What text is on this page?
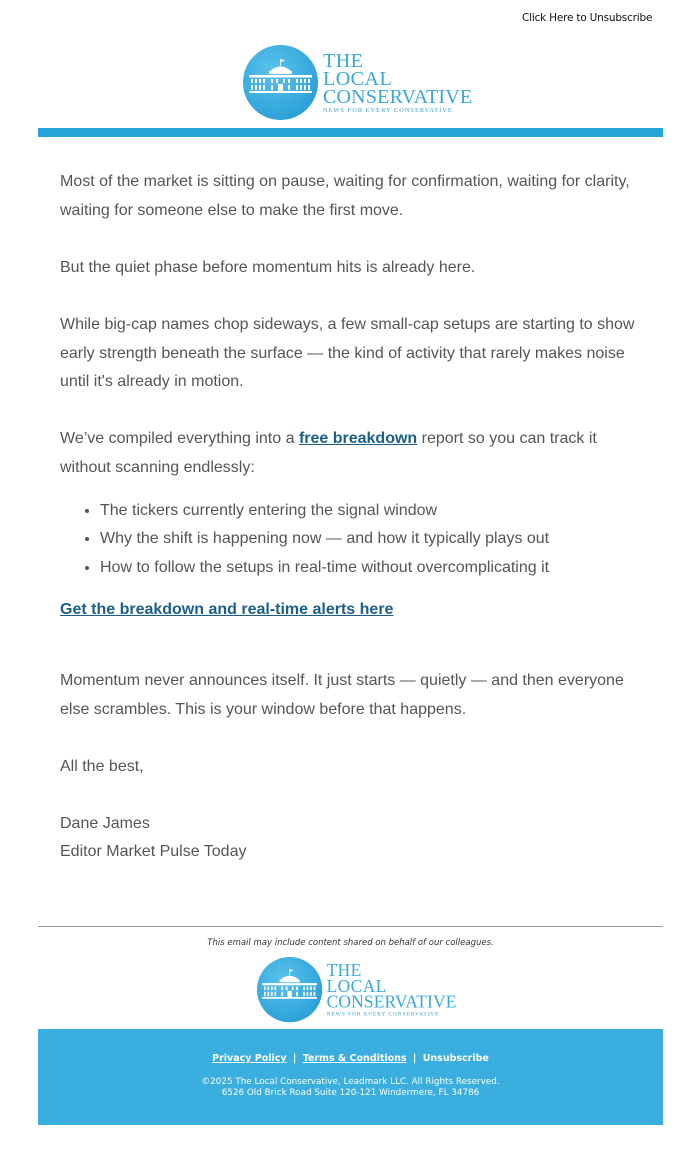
Click Here to Unsubscribe
THE
LOCAL
CONSERVATIVE
NEWS FOR EVERY CONSERVATIVE

Most of the market is sitting on pause, waiting for confirmation, waiting for clarity, waiting for someone else to make the first move.

But the quiet phase before momentum hits is already here.

While big-cap names chop sideways, a few small-cap setups are starting to show early strength beneath the surface — the kind of activity that rarely makes noise until it's already in motion.

We’ve compiled everything into a free breakdown report so you can track it without scanning endlessly:

• The tickers currently entering the signal window
• Why the shift is happening now — and how it typically plays out
• How to follow the setups in real-time without overcomplicating it

Get the breakdown and real-time alerts here

Momentum never announces itself. It just starts — quietly — and then everyone else scrambles. This is your window before that happens.

All the best,

Dane James

Editor Market Pulse Today

This email may include content shared on behalf of our colleagues.
THE
LOCAL
CONSERVATIVE
NEWS FOR EVERY CONSERVATIVE
Privacy Policy | Terms & Conditions | Unsubscribe
©2025 The Local Conservative, Leadmark LLC. All Rights Reserved.
6526 Old Brick Road Suite 120-121 Windermere, FL 34786
